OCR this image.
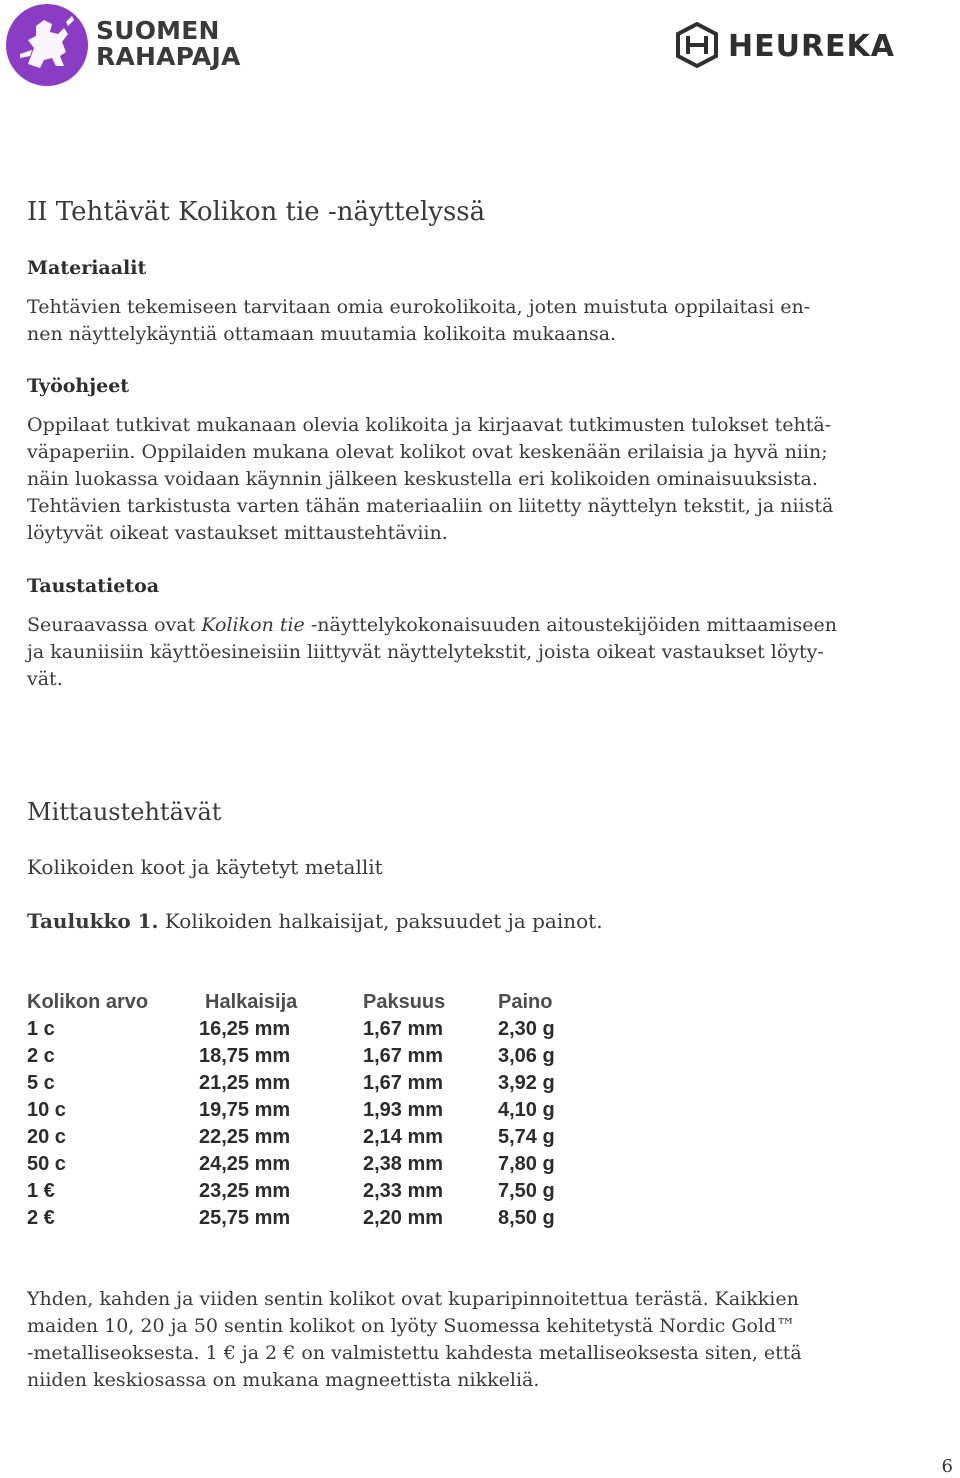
SUOMEN
RAHAPAJA	HEUREKA
II Tehtävät Kolikon tie -näyttelyssä
Materiaalit
Tehtävien tekemiseen tarvitaan omia eurokolikoita, joten muistuta oppilaitasi en-
nen näyttelykäyntiä ottamaan muutamia kolikoita mukaansa.
Työohjeet
Oppilaat tutkivat mukanaan olevia kolikoita ja kirjaavat tutkimusten tulokset tehtä-
väpaperiin. Oppilaiden mukana olevat kolikot ovat keskenään erilaisia ja hyvä niin;
näin luokassa voidaan käynnin jälkeen keskustella eri kolikoiden ominaisuuksista.
Tehtävien tarkistusta varten tähän materiaaliin on liitetty näyttelyn tekstit, ja niistä
löytyvät oikeat vastaukset mittaustehtäviin.
Taustatietoa
Seuraavassa ovat Kolikon tie -näyttelykokonaisuuden aitoustekijöiden mittaamiseen
ja kauniisiin käyttöesineisiin liittyvät näyttelytekstit, joista oikeat vastaukset löyty-
vät.
Mittaustehtävät
Kolikoiden koot ja käytetyt metallit
Taulukko 1. Kolikoiden halkaisijat, paksuudet ja painot.
Kolikon arvo	Halkaisija	Paksuus	Paino
1 c	16,25 mm	1,67 mm	2,30 g
2 c	18,75 mm	1,67 mm	3,06 g
5 c	21,25 mm	1,67 mm	3,92 g
10 c	19,75 mm	1,93 mm	4,10 g
20 c	22,25 mm	2,14 mm	5,74 g
50 c	24,25 mm	2,38 mm	7,80 g
1 €	23,25 mm	2,33 mm	7,50 g
2 €	25,75 mm	2,20 mm	8,50 g
Yhden, kahden ja viiden sentin kolikot ovat kuparipinnoitettua terästä. Kaikkien
maiden 10, 20 ja 50 sentin kolikot on lyöty Suomessa kehitetystä Nordic Gold™
-metalliseoksesta. 1 € ja 2 € on valmistettu kahdesta metalliseoksesta siten, että
niiden keskiosassa on mukana magneettista nikkeliä.
6
